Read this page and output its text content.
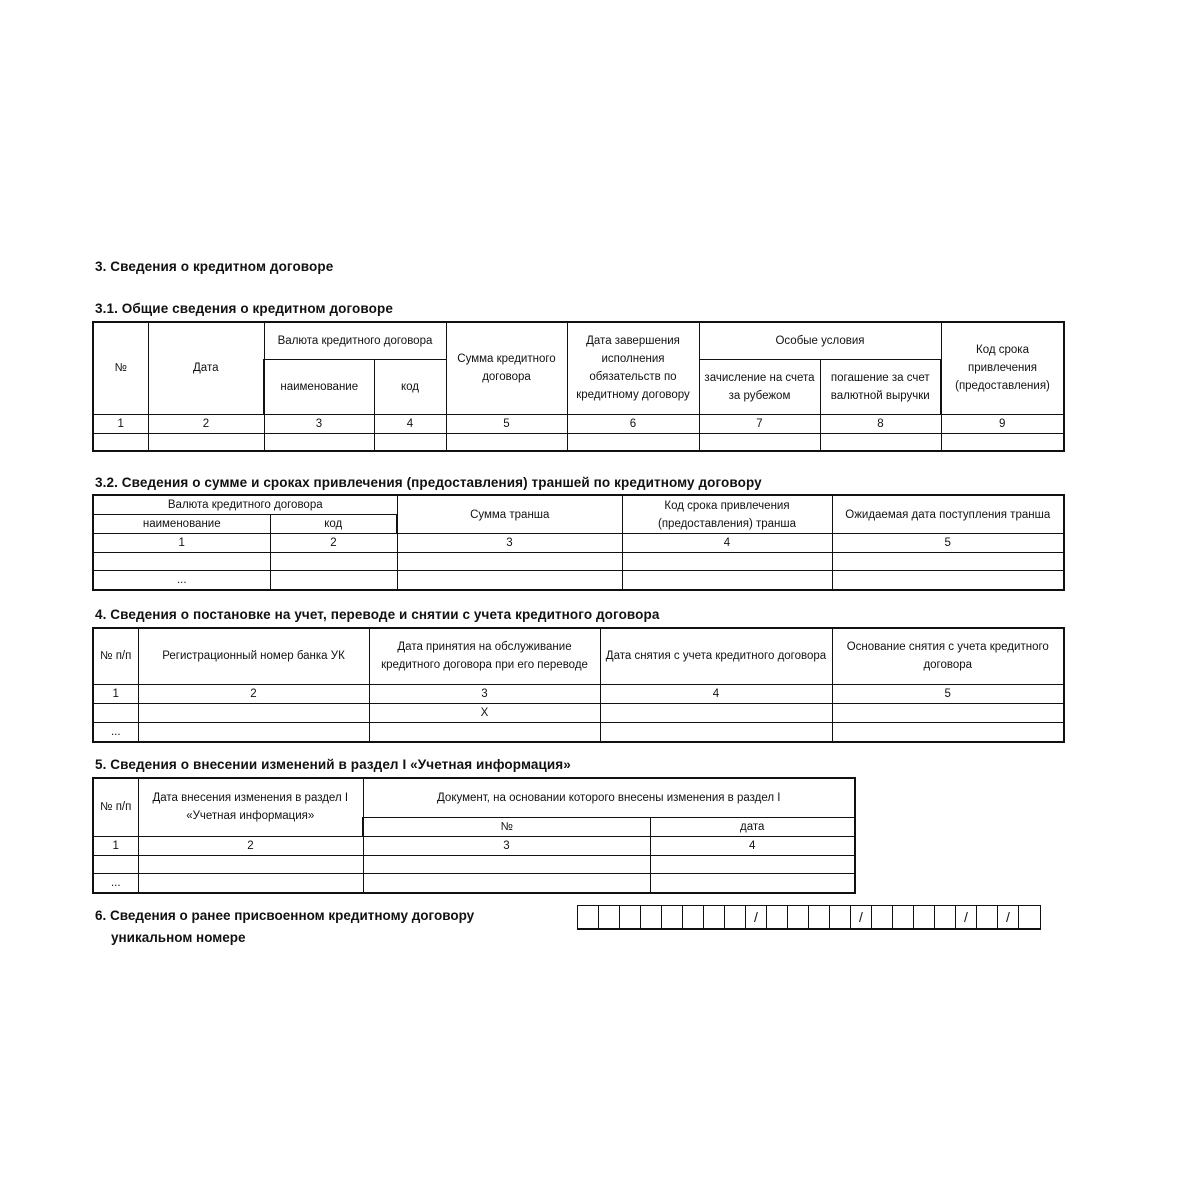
3. Сведения о кредитном договоре
3.1. Общие сведения о кредитном договоре
№	Дата	Валюта кредитного договора		Сумма кредитного договора	Дата завершения исполнения обязательств по кредитному договору	Особые условия		Код срока привлечения (предоставления)
		наименование	код			зачисление на счета за рубежом	погашение за счет валютной выручки	
1	2	3	4	5	6	7	8	9

3.2. Сведения о сумме и сроках привлечения (предоставления) траншей по кредитному договору
Валюта кредитного договора		Сумма транша	Код срока привлечения (предоставления) транша	Ожидаемая дата поступления транша
наименование	код			
1	2	3	4	5

...				
4. Сведения о постановке на учет, переводе и снятии с учета кредитного договора
№ п/п	Регистрационный номер банка УК	Дата принятия на обслуживание кредитного договора при его переводе	Дата снятия с учета кредитного договора	Основание снятия с учета кредитного договора
1	2	3	4	5
		Х		
...				
5. Сведения о внесении изменений в раздел I «Учетная информация»
№ п/п	Дата внесения изменения в раздел I «Учетная информация»	Документ, на основании которого внесены изменения в раздел I	
		№	дата
1	2	3	4

...			
6. Сведения о ранее присвоенном кредитному договору
уникальном номере
/	/	/	/
